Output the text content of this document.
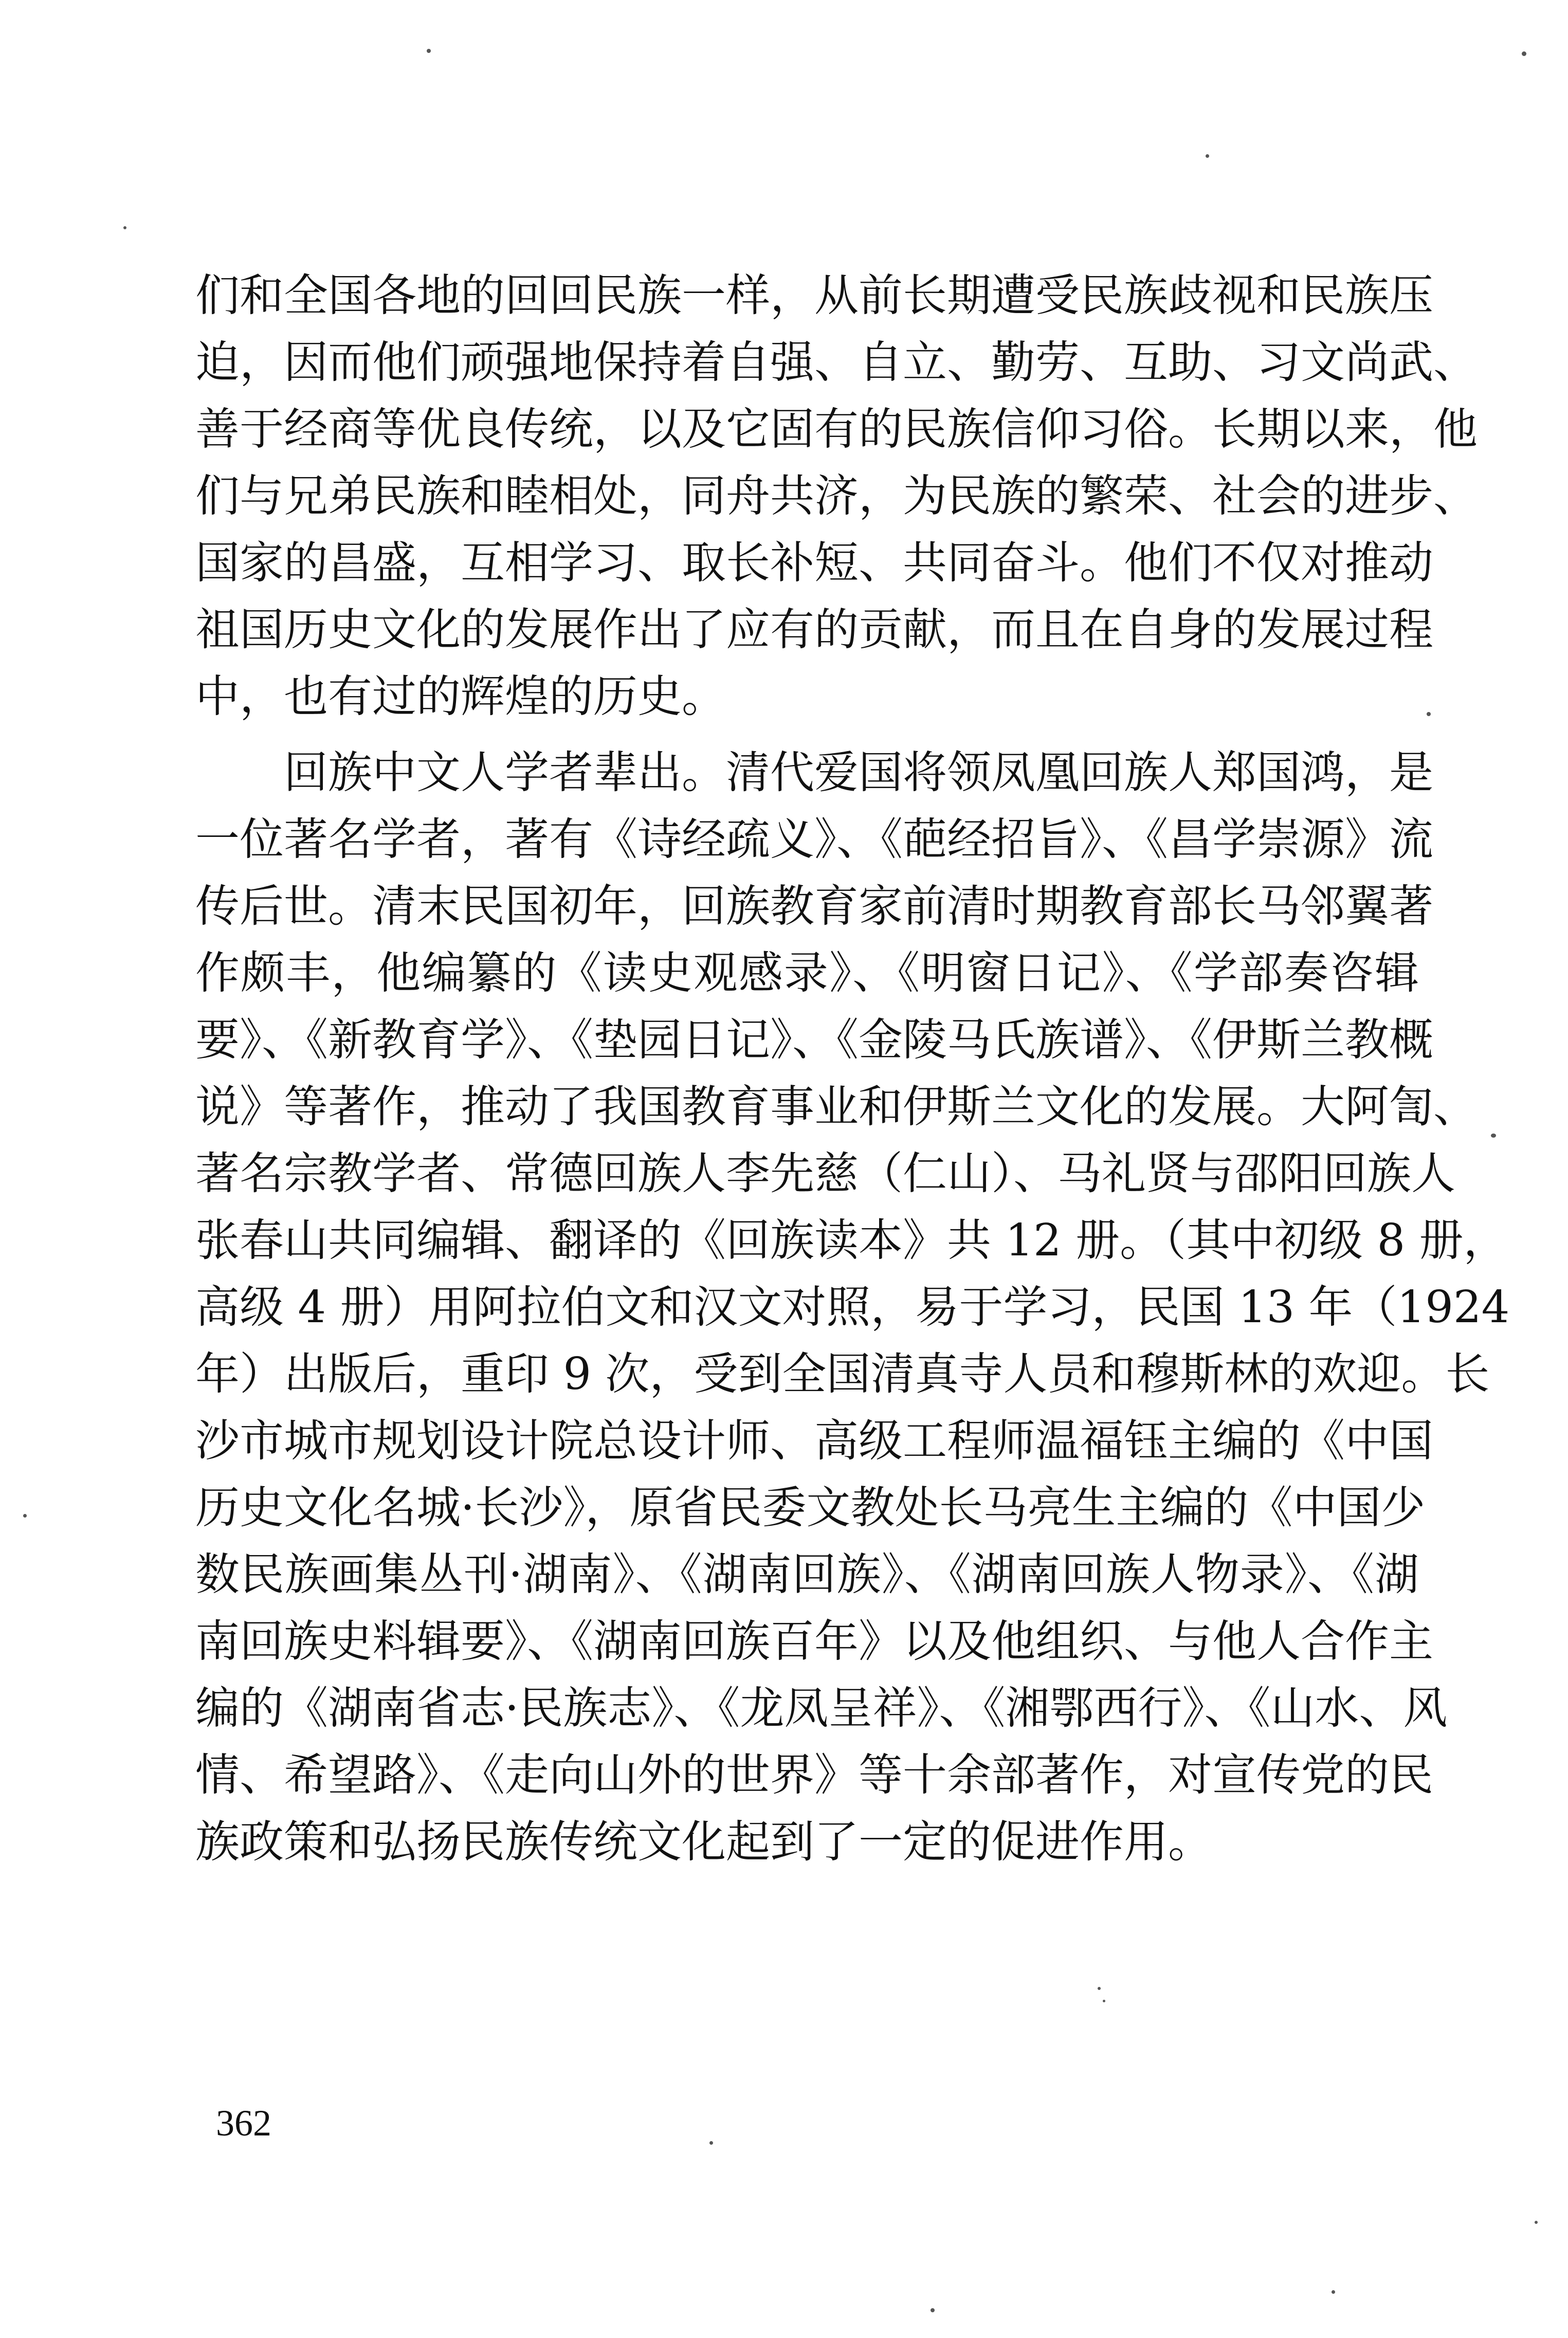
们和全国各地的回回民族一样，从前长期遭受民族歧视和民族压
迫，因而他们顽强地保持着自强、自立、勤劳、互助、习文尚武、
善于经商等优良传统，以及它固有的民族信仰习俗。长期以来，他
们与兄弟民族和睦相处，同舟共济，为民族的繁荣、社会的进步、
国家的昌盛，互相学习、取长补短、共同奋斗。他们不仅对推动
祖国历史文化的发展作出了应有的贡献，而且在自身的发展过程
中，也有过的辉煌的历史。
回族中文人学者辈出。清代爱国将领凤凰回族人郑国鸿，是
一位著名学者，著有《诗经疏义》、《葩经招旨》、《昌学崇源》流
传后世。清末民国初年，回族教育家前清时期教育部长马邻翼著
作颇丰，他编纂的《读史观感录》、《明窗日记》、《学部奏咨辑
要》、《新教育学》、《垫园日记》、《金陵马氏族谱》、《伊斯兰教概
说》等著作，推动了我国教育事业和伊斯兰文化的发展。大阿訇、
著名宗教学者、常德回族人李先慈（仁山）、马礼贤与邵阳回族人
张春山共同编辑、翻译的《回族读本》共 12 册。（其中初级 8 册，
高级 4 册）用阿拉伯文和汉文对照，易于学习，民国 13 年（1924
年）出版后，重印 9 次，受到全国清真寺人员和穆斯林的欢迎。长
沙市城市规划设计院总设计师、高级工程师温福钰主编的《中国
历史文化名城·长沙》，原省民委文教处长马亮生主编的《中国少
数民族画集丛刊·湖南》、《湖南回族》、《湖南回族人物录》、《湖
南回族史料辑要》、《湖南回族百年》以及他组织、与他人合作主
编的《湖南省志·民族志》、《龙凤呈祥》、《湘鄂西行》、《山水、风
情、希望路》、《走向山外的世界》等十余部著作，对宣传党的民
族政策和弘扬民族传统文化起到了一定的促进作用。
362
